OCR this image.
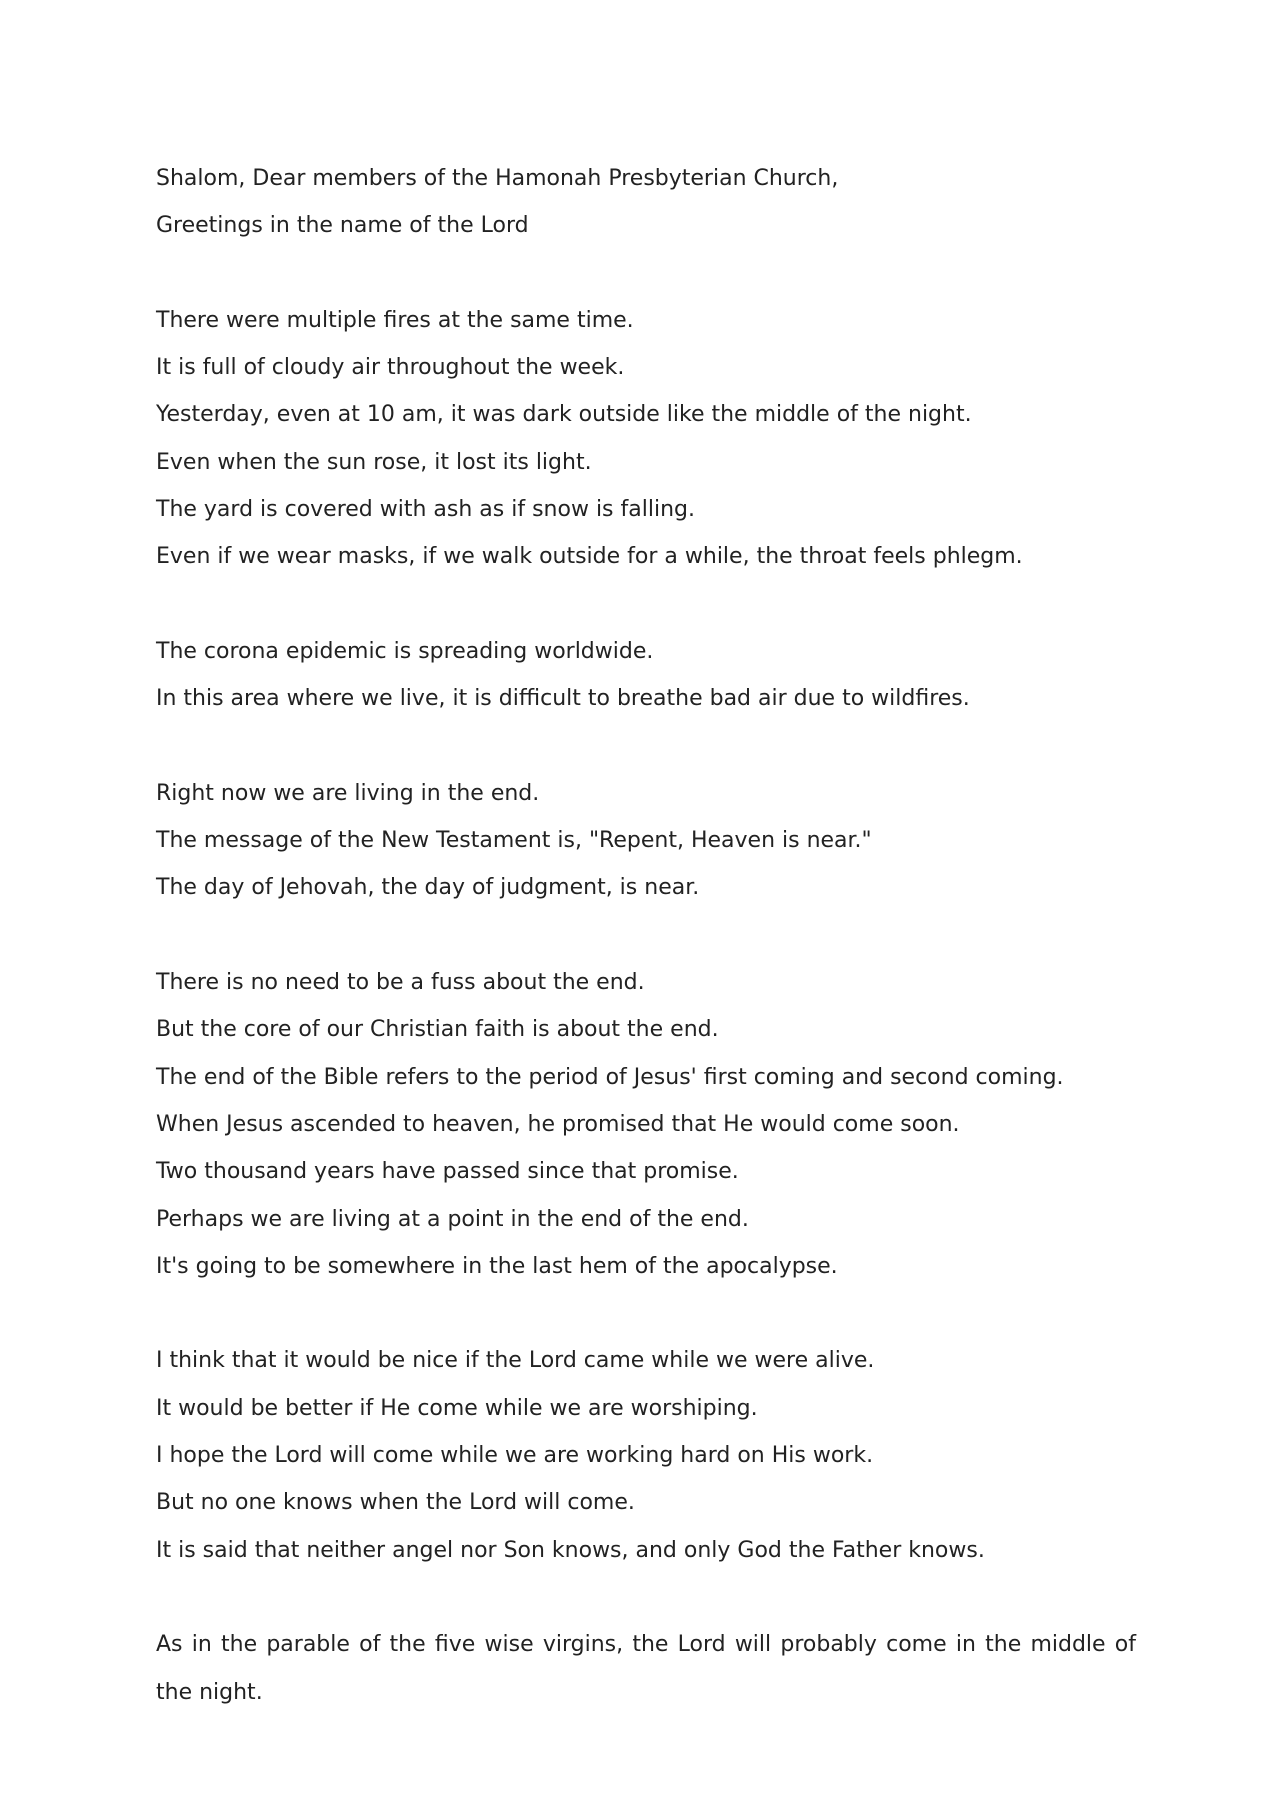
Shalom, Dear members of the Hamonah Presbyterian Church,
Greetings in the name of the Lord
There were multiple fires at the same time.
It is full of cloudy air throughout the week.
Yesterday, even at 10 am, it was dark outside like the middle of the night.
Even when the sun rose, it lost its light.
The yard is covered with ash as if snow is falling.
Even if we wear masks, if we walk outside for a while, the throat feels phlegm.
The corona epidemic is spreading worldwide.
In this area where we live, it is difficult to breathe bad air due to wildfires.
Right now we are living in the end.
The message of the New Testament is, "Repent, Heaven is near."
The day of Jehovah, the day of judgment, is near.
There is no need to be a fuss about the end.
But the core of our Christian faith is about the end.
The end of the Bible refers to the period of Jesus' first coming and second coming.
When Jesus ascended to heaven, he promised that He would come soon.
Two thousand years have passed since that promise.
Perhaps we are living at a point in the end of the end.
It's going to be somewhere in the last hem of the apocalypse.
I think that it would be nice if the Lord came while we were alive.
It would be better if He come while we are worshiping.
I hope the Lord will come while we are working hard on His work.
But no one knows when the Lord will come.
It is said that neither angel nor Son knows, and only God the Father knows.
As in the parable of the five wise virgins, the Lord will probably come in the middle of the night.
